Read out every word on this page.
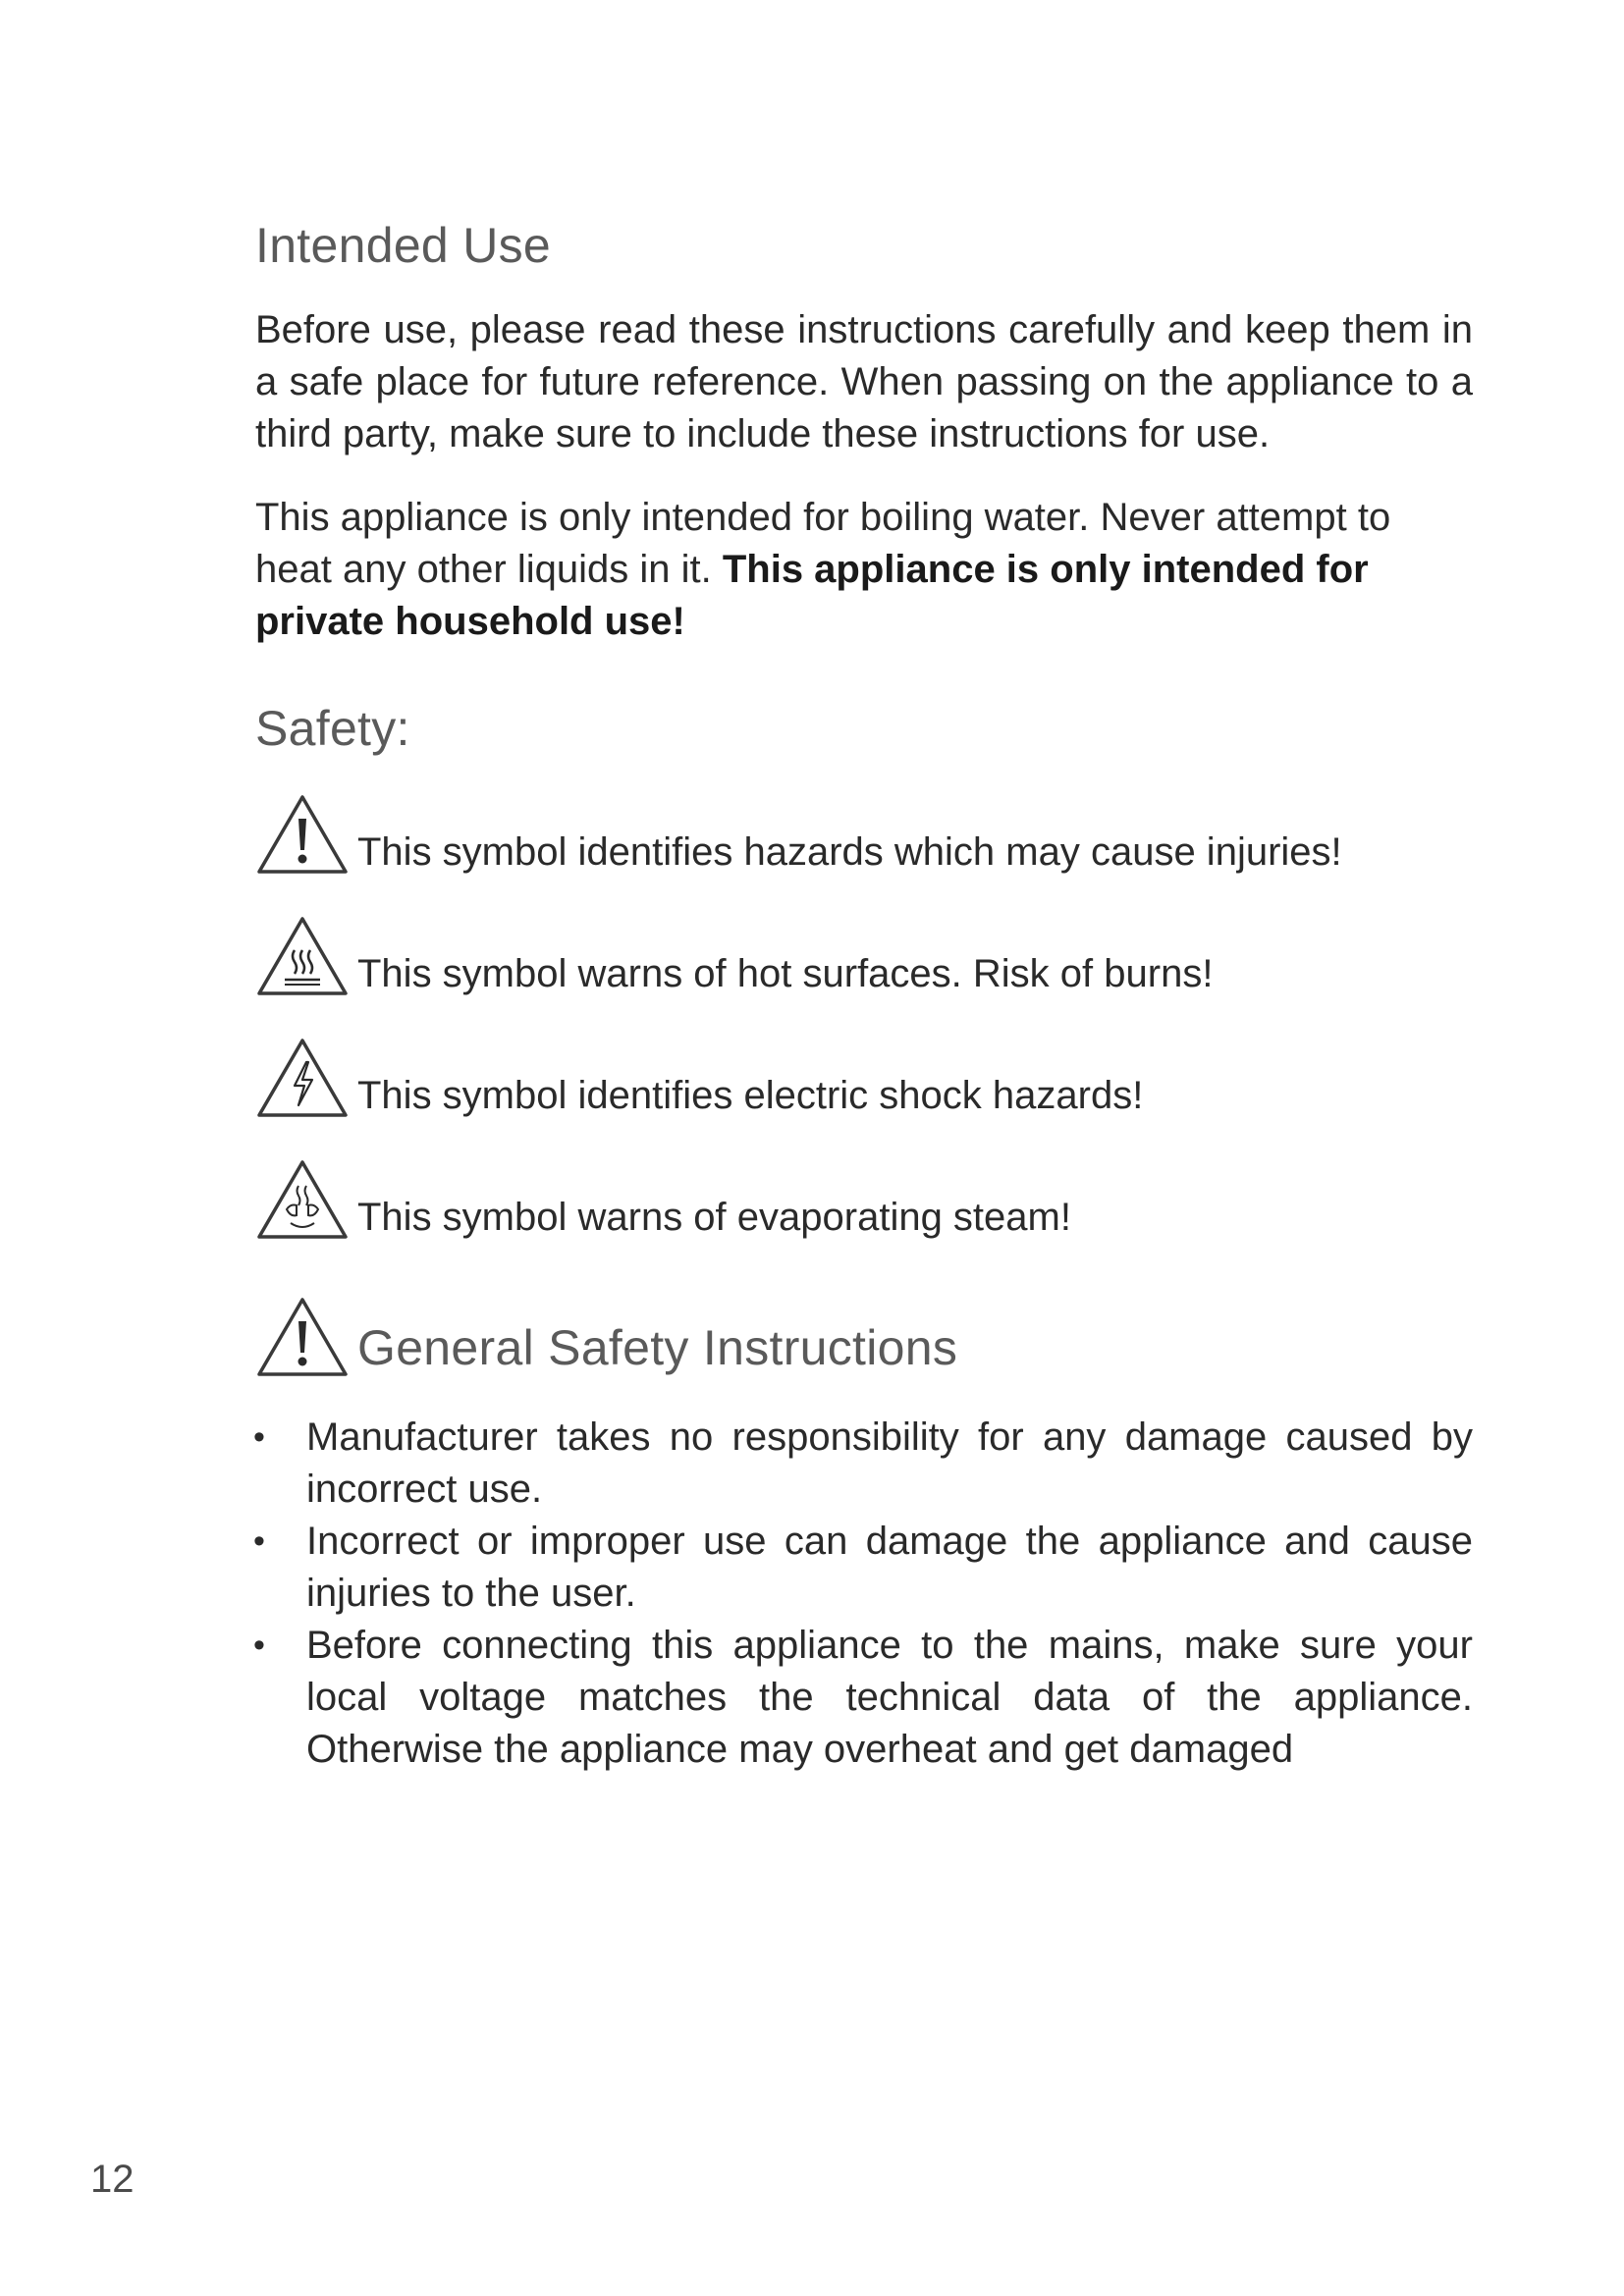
Intended Use

Before use, please read these instructions carefully and keep them in a safe place for future reference. When passing on the appliance to a third party, make sure to include these instructions for use.

This appliance is only intended for boiling water. Never attempt to heat any other liquids in it. This appliance is only intended for private household use!

Safety:
This symbol identifies hazards which may cause injuries!
This symbol warns of hot surfaces. Risk of burns!
This symbol identifies electric shock hazards!
This symbol warns of evaporating steam!
General Safety Instructions
• Manufacturer takes no responsibility for any damage caused by incorrect use.
• Incorrect or improper use can damage the appliance and cause injuries to the user.
• Before connecting this appliance to the mains, make sure your local voltage matches the technical data of the appliance. Otherwise the appliance may overheat and get damaged
12
